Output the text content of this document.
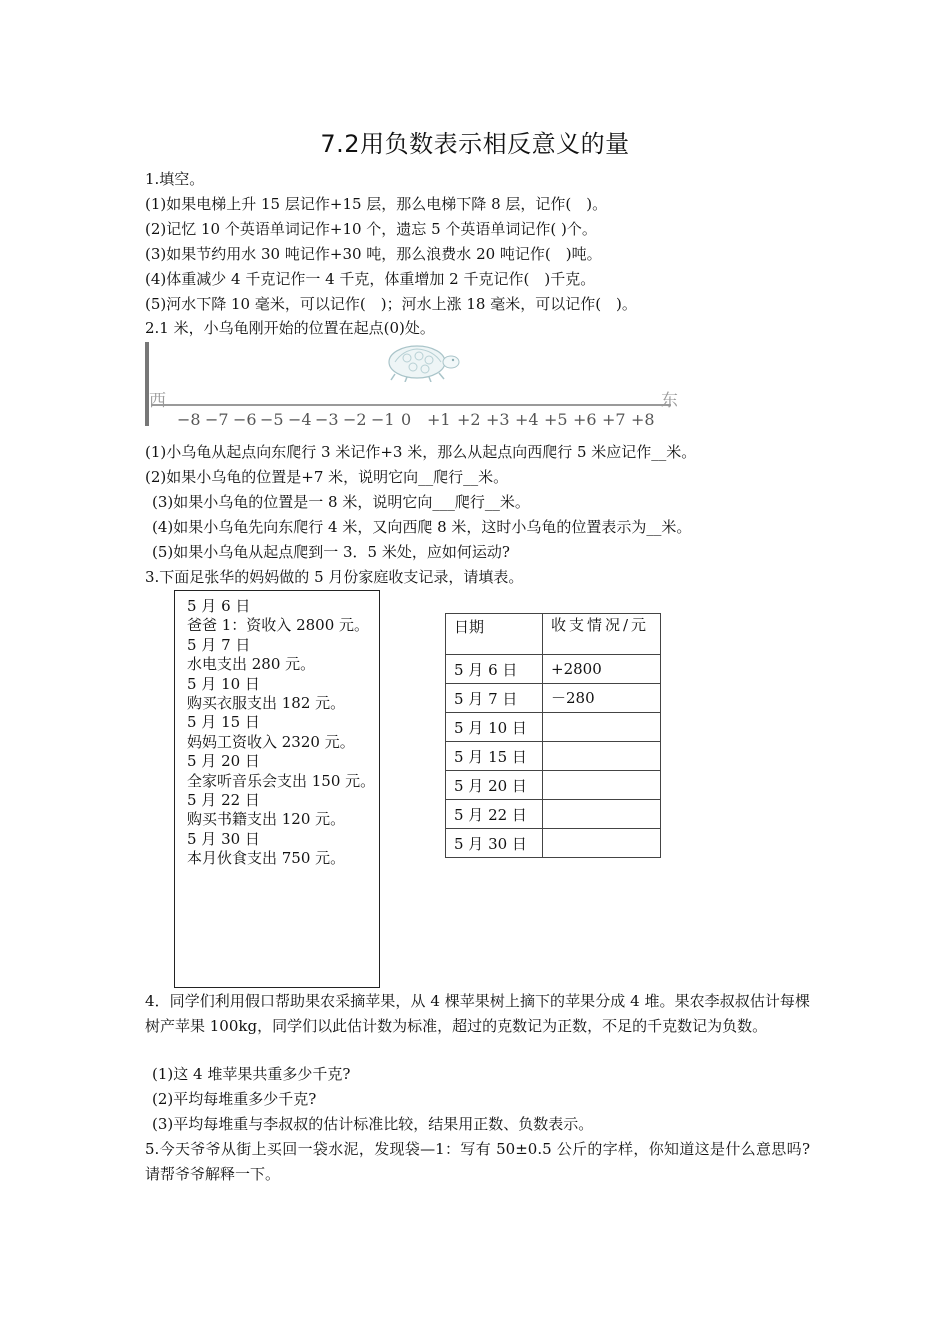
7.2用负数表示相反意义的量
1.填空。
(1)如果电梯上升 15 层记作+15 层，那么电梯下降 8 层，记作(　)。
(2)记忆 10 个英语单词记作+10 个，遗忘 5 个英语单词记作( )个。
(3)如果节约用水 30 吨记作+30 吨，那么浪费水 20 吨记作(　)吨。
(4)体重减少 4 千克记作一 4 千克，体重增加 2 千克记作(　)千克。
(5)河水下降 10 毫米，可以记作(　)；河水上涨 18 毫米，可以记作(　)。
2.1 米，小乌龟刚开始的位置在起点(0)处。
西	东
−8 −7 −6 −5 −4 −3 −2 −1 0 +1 +2 +3 +4 +5 +6 +7 +8
(1)小乌龟从起点向东爬行 3 米记作+3 米，那么从起点向西爬行 5 米应记作__米。
(2)如果小乌龟的位置是+7 米，说明它向__爬行__米。
(3)如果小乌龟的位置是一 8 米，说明它向___爬行__米。
(4)如果小乌龟先向东爬行 4 米，又向西爬 8 米，这时小乌龟的位置表示为__米。
(5)如果小乌龟从起点爬到一 3．5 米处，应如何运动?
3.下面足张华的妈妈做的 5 月份家庭收支记录，请填表。
5 月 6 日
爸爸 1：资收入 2800 元。
5 月 7 日
水电支出 280 元。
5 月 10 日
购买衣服支出 182 元。
5 月 15 日
妈妈工资收入 2320 元。
5 月 20 日
全家听音乐会支出 150 元。
5 月 22 日
购买书籍支出 120 元。
5 月 30 日
本月伙食支出 750 元。
日期	收支情况/元
5 月 6 日	+2800
5 月 7 日	－280
5 月 10 日	
5 月 15 日	
5 月 20 日	
5 月 22 日	
5 月 30 日	
4．同学们利用假口帮助果农采摘苹果，从 4 棵苹果树上摘下的苹果分成 4 堆。果农李叔叔估计每棵树产苹果 100kg，同学们以此估计数为标准，超过的克数记为正数，不足的千克数记为负数。
(1)这 4 堆苹果共重多少千克?
(2)平均每堆重多少千克?
(3)平均每堆重与李叔叔的估计标准比较，结果用正数、负数表示。
5.今天爷爷从街上买回一袋水泥，发现袋—1：写有 50±0.5 公斤的字样，你知道这是什么意思吗?请帮爷爷解释一下。
